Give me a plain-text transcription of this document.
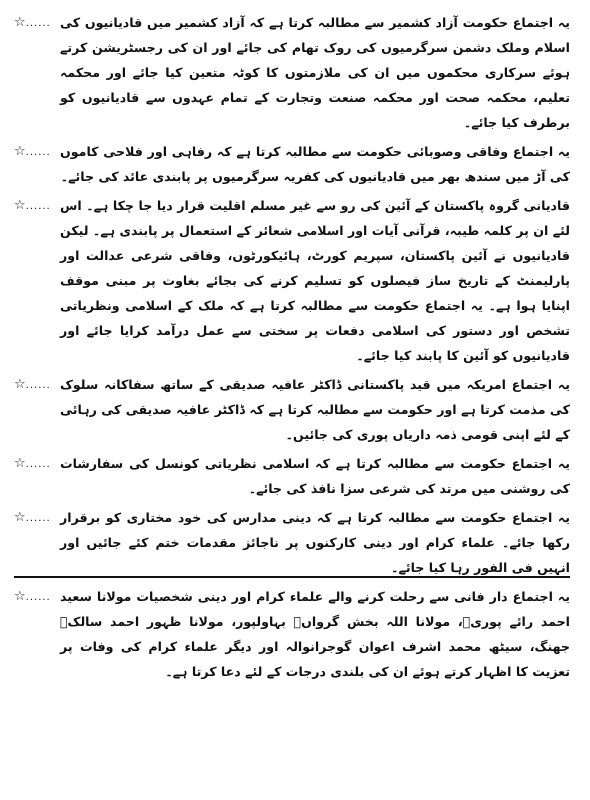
☆...... یہ اجتماع حکومت آزاد کشمیر سے مطالبہ کرتا ہے کہ آزاد کشمیر میں قادیانیوں کی اسلام وملک دشمن سرگرمیوں کی روک تھام کی جائے اور ان کی رجسٹریشن کرتے ہوئے سرکاری محکموں میں ان کی ملازمتوں کا کوٹہ متعین کیا جائے اور محکمہ تعلیم، محکمہ صحت اور محکمہ صنعت وتجارت کے تمام عہدوں سے قادیانیوں کو برطرف کیا جائے۔

☆...... یہ اجتماع وفاقی وصوبائی حکومت سے مطالبہ کرتا ہے کہ رفاہی اور فلاحی کاموں کی آڑ میں سندھ بھر میں قادیانیوں کی کفریہ سرگرمیوں پر پابندی عائد کی جائے۔

☆...... قادیانی گروہ پاکستان کے آئین کی رو سے غیر مسلم اقلیت قرار دیا جا چکا ہے۔ اس لئے ان پر کلمہ طیبہ، قرآنی آیات اور اسلامی شعائر کے استعمال پر پابندی ہے۔ لیکن قادیانیوں نے آئین پاکستان، سپریم کورٹ، ہائیکورٹوں، وفاقی شرعی عدالت اور پارلیمنٹ کے تاریخ ساز فیصلوں کو تسلیم کرنے کی بجائے بغاوت پر مبنی موقف اپنایا ہوا ہے۔ یہ اجتماع حکومت سے مطالبہ کرتا ہے کہ ملک کے اسلامی ونظریاتی تشخص اور دستور کی اسلامی دفعات پر سختی سے عمل درآمد کرایا جائے اور قادیانیوں کو آئین کا پابند کیا جائے۔

☆...... یہ اجتماع امریکہ میں قید پاکستانی ڈاکٹر عافیہ صدیقی کے ساتھ سفاکانہ سلوک کی مذمت کرتا ہے اور حکومت سے مطالبہ کرتا ہے کہ ڈاکٹر عافیہ صدیقی کی رہائی کے لئے اپنی قومی ذمہ داریاں پوری کی جائیں۔

☆...... یہ اجتماع حکومت سے مطالبہ کرتا ہے کہ اسلامی نظریاتی کونسل کی سفارشات کی روشنی میں مرتد کی شرعی سزا نافذ کی جائے۔

☆...... یہ اجتماع حکومت سے مطالبہ کرتا ہے کہ دینی مدارس کی خود مختاری کو برقرار رکھا جائے۔ علماء کرام اور دینی کارکنوں پر ناجائز مقدمات ختم کئے جائیں اور انہیں فی الفور رہا کیا جائے۔

☆...... یہ اجتماع دار فانی سے رحلت کرنے والے علماء کرام اور دینی شخصیات مولانا سعید احمد رائے پوریؒ، مولانا اللہ بخش گرواںؒ بہاولپور، مولانا ظہور احمد سالکؒ جھنگ، سیٹھ محمد اشرف اعوان گوجرانوالہ اور دیگر علماء کرام کی وفات پر تعزیت کا اظہار کرتے ہوئے ان کی بلندی درجات کے لئے دعا کرتا ہے۔
